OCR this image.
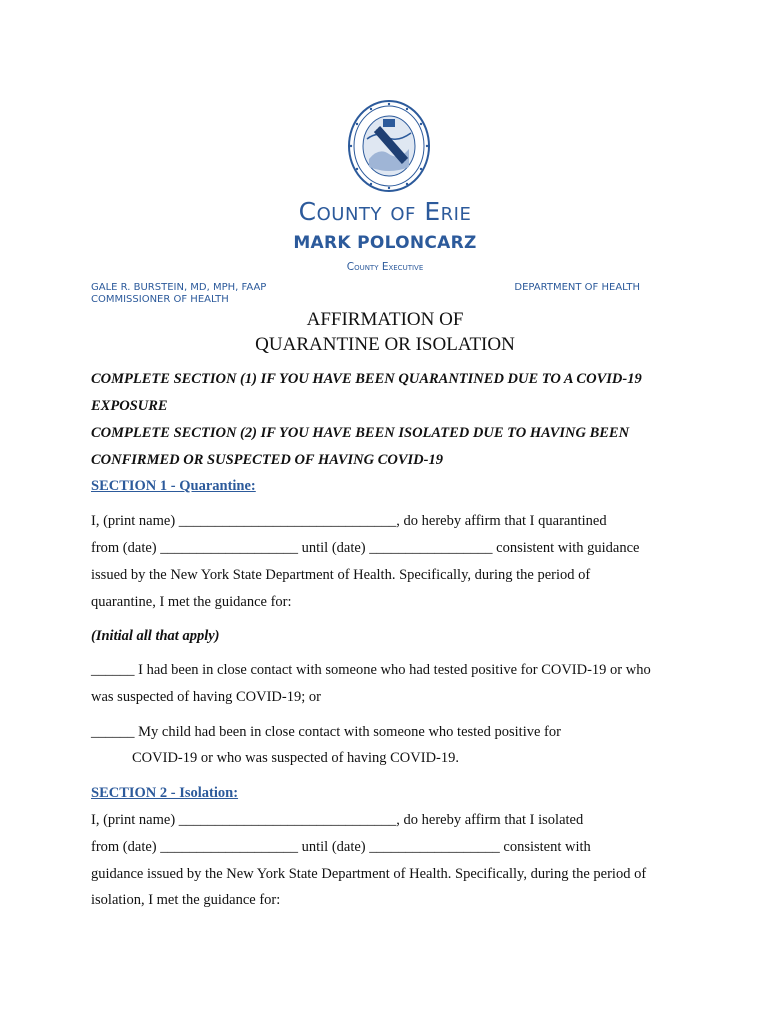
County of Erie
MARK POLONCARZ
County Executive
GALE R. BURSTEIN, MD, MPH, FAAP
COMMISSIONER OF HEALTH
DEPARTMENT OF HEALTH
AFFIRMATION OF
QUARANTINE OR ISOLATION
COMPLETE SECTION (1) IF YOU HAVE BEEN QUARANTINED DUE TO A COVID-19
EXPOSURE
COMPLETE SECTION (2) IF YOU HAVE BEEN ISOLATED DUE TO HAVING BEEN
CONFIRMED OR SUSPECTED OF HAVING COVID-19
SECTION 1 - Quarantine:
I, (print name) ______________________________, do hereby affirm that I quarantined
from (date) ___________________ until (date) _________________ consistent with guidance
issued by the New York State Department of Health. Specifically, during the period of
quarantine, I met the guidance for:
(Initial all that apply)
______ I had been in close contact with someone who had tested positive for COVID-19 or who
was suspected of having COVID-19; or
______ My child had been in close contact with someone who tested positive for
COVID-19 or who was suspected of having COVID-19.
SECTION 2 - Isolation:
I, (print name) ______________________________, do hereby affirm that I isolated
from (date) ___________________ until (date) __________________ consistent with
guidance issued by the New York State Department of Health. Specifically, during the period of
isolation, I met the guidance for:
